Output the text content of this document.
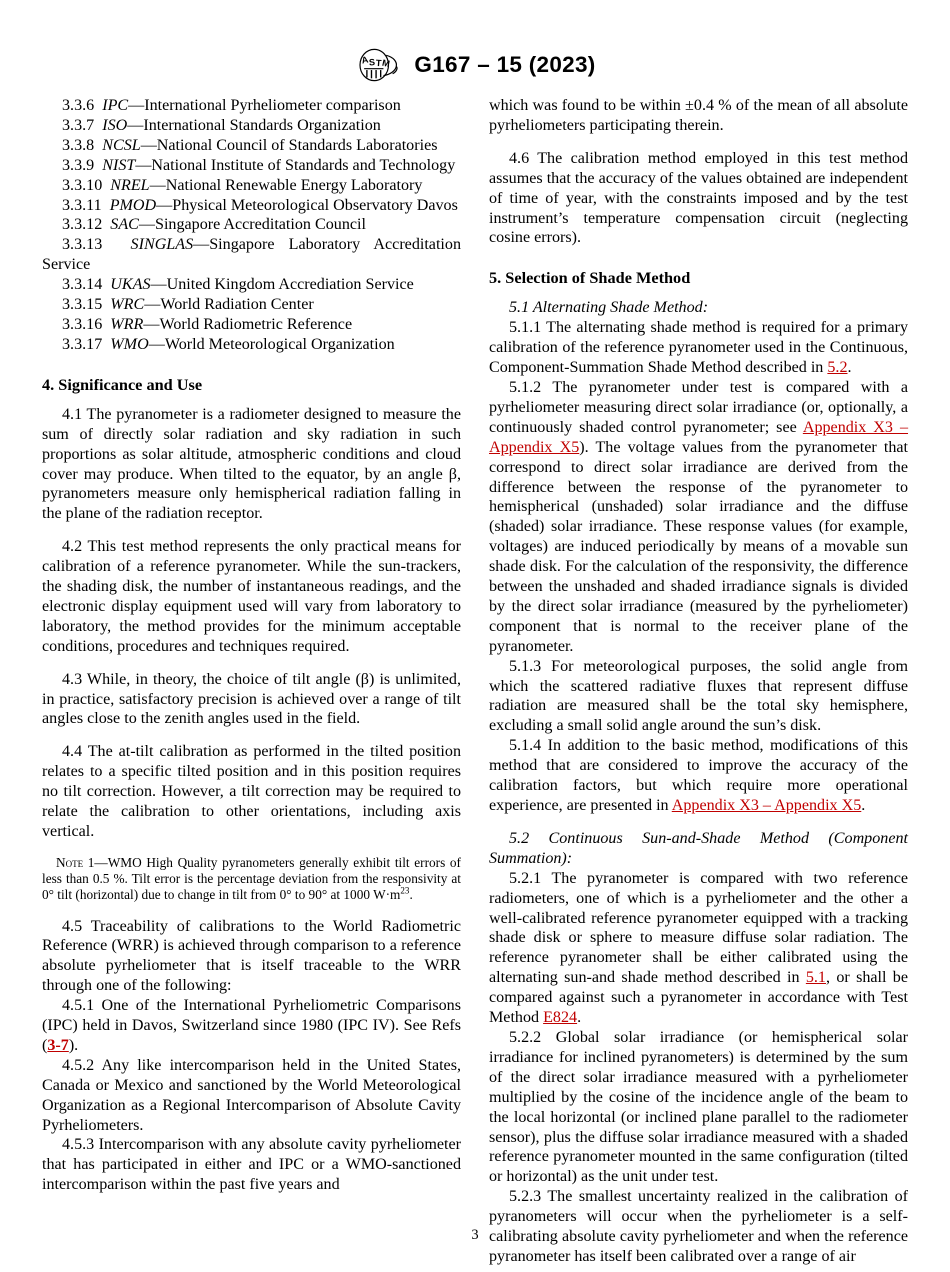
A S T M G167 – 15 (2023)

3.3.6 IPC—International Pyrheliometer comparison

3.3.7 ISO—International Standards Organization

3.3.8 NCSL—National Council of Standards Laboratories

3.3.9 NIST—National Institute of Standards and Technology

3.3.10 NREL—National Renewable Energy Laboratory

3.3.11 PMOD—Physical Meteorological Observatory Davos

3.3.12 SAC—Singapore Accreditation Council

3.3.13 SINGLAS—Singapore Laboratory Accreditation Service

3.3.14 UKAS—United Kingdom Accrediation Service

3.3.15 WRC—World Radiation Center

3.3.16 WRR—World Radiometric Reference

3.3.17 WMO—World Meteorological Organization

4. Significance and Use

4.1 The pyranometer is a radiometer designed to measure the sum of directly solar radiation and sky radiation in such proportions as solar altitude, atmospheric conditions and cloud cover may produce. When tilted to the equator, by an angle β, pyranometers measure only hemispherical radiation falling in the plane of the radiation receptor.

4.2 This test method represents the only practical means for calibration of a reference pyranometer. While the sun-trackers, the shading disk, the number of instantaneous readings, and the electronic display equipment used will vary from laboratory to laboratory, the method provides for the minimum acceptable conditions, procedures and techniques required.

4.3 While, in theory, the choice of tilt angle (β) is unlimited, in practice, satisfactory precision is achieved over a range of tilt angles close to the zenith angles used in the field.

4.4 The at-tilt calibration as performed in the tilted position relates to a specific tilted position and in this position requires no tilt correction. However, a tilt correction may be required to relate the calibration to other orientations, including axis vertical.

Note 1—WMO High Quality pyranometers generally exhibit tilt errors of less than 0.5 %. Tilt error is the percentage deviation from the responsivity at 0° tilt (horizontal) due to change in tilt from 0° to 90° at 1000 $W\cdot m^{23}$.

4.5 Traceability of calibrations to the World Radiometric Reference (WRR) is achieved through comparison to a reference absolute pyrheliometer that is itself traceable to the WRR through one of the following:

4.5.1 One of the International Pyrheliometric Comparisons (IPC) held in Davos, Switzerland since 1980 (IPC IV). See Refs (3-7).

4.5.2 Any like intercomparison held in the United States, Canada or Mexico and sanctioned by the World Meteorological Organization as a Regional Intercomparison of Absolute Cavity Pyrheliometers.

4.5.3 Intercomparison with any absolute cavity pyrheliometer that has participated in either and IPC or a WMO-sanctioned intercomparison within the past five years and

which was found to be within ±0.4 % of the mean of all absolute pyrheliometers participating therein.

4.6 The calibration method employed in this test method assumes that the accuracy of the values obtained are independent of time of year, with the constraints imposed and by the test instrument’s temperature compensation circuit (neglecting cosine errors).

5. Selection of Shade Method

5.1 Alternating Shade Method:

5.1.1 The alternating shade method is required for a primary calibration of the reference pyranometer used in the Continuous, Component-Summation Shade Method described in 5.2.

5.1.2 The pyranometer under test is compared with a pyrheliometer measuring direct solar irradiance (or, optionally, a continuously shaded control pyranometer; see Appendix X3 – Appendix X5). The voltage values from the pyranometer that correspond to direct solar irradiance are derived from the difference between the response of the pyranometer to hemispherical (unshaded) solar irradiance and the diffuse (shaded) solar irradiance. These response values (for example, voltages) are induced periodically by means of a movable sun shade disk. For the calculation of the responsivity, the difference between the unshaded and shaded irradiance signals is divided by the direct solar irradiance (measured by the pyrheliometer) component that is normal to the receiver plane of the pyranometer.

5.1.3 For meteorological purposes, the solid angle from which the scattered radiative fluxes that represent diffuse radiation are measured shall be the total sky hemisphere, excluding a small solid angle around the sun’s disk.

5.1.4 In addition to the basic method, modifications of this method that are considered to improve the accuracy of the calibration factors, but which require more operational experience, are presented in Appendix X3 – Appendix X5.

5.2 Continuous Sun-and-Shade Method (Component Summation):

5.2.1 The pyranometer is compared with two reference radiometers, one of which is a pyrheliometer and the other a well-calibrated reference pyranometer equipped with a tracking shade disk or sphere to measure diffuse solar radiation. The reference pyranometer shall be either calibrated using the alternating sun-and shade method described in 5.1, or shall be compared against such a pyranometer in accordance with Test Method E824.

5.2.2 Global solar irradiance (or hemispherical solar irradiance for inclined pyranometers) is determined by the sum of the direct solar irradiance measured with a pyrheliometer multiplied by the cosine of the incidence angle of the beam to the local horizontal (or inclined plane parallel to the radiometer sensor), plus the diffuse solar irradiance measured with a shaded reference pyranometer mounted in the same configuration (tilted or horizontal) as the unit under test.

5.2.3 The smallest uncertainty realized in the calibration of pyranometers will occur when the pyrheliometer is a self-calibrating absolute cavity pyrheliometer and when the reference pyranometer has itself been calibrated over a range of air

3
